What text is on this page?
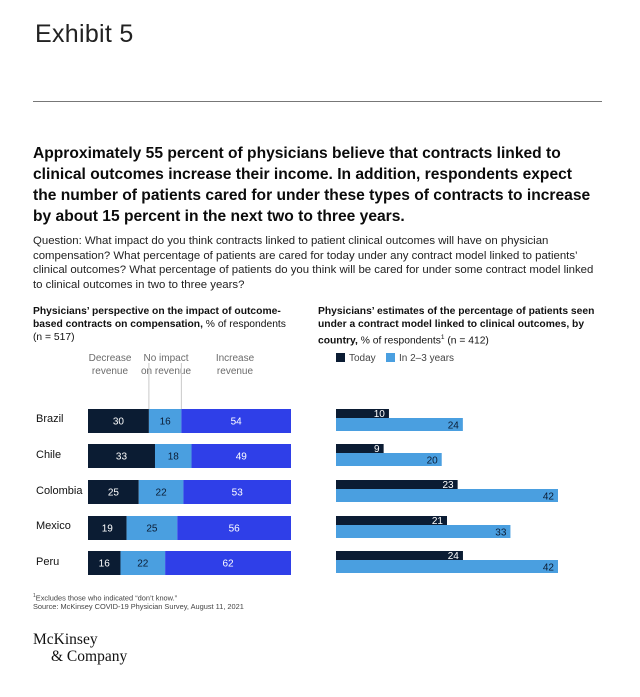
Exhibit 5
Approximately 55 percent of physicians believe that contracts linked to clinical outcomes increase their income. In addition, respondents expect the number of patients cared for under these types of contracts to increase by about 15 percent in the next two to three years.
Question: What impact do you think contracts linked to patient clinical outcomes will have on physician compensation? What percentage of patients are cared for today under any contract model linked to patients’ clinical outcomes? What percentage of patients do you think will be cared for under some contract model linked to clinical outcomes in two to three years?
Physicians’ perspective on the impact of outcome-based contracts on compensation, % of respondents
(n = 517)
Physicians’ estimates of the percentage of patients seen under a contract model linked to clinical outcomes, by country, % of respondents$^1$ (n = 412)
Decrease revenue
No impact on revenue
Increase revenue
Brazil
Chile
Colombia
Mexico
Peru
30	16	54
33	18	49
25	22	53
19	25	56
16	22	62
10
24
9
20
23
42
21
33
24
42
Today	In 2–3 years
$^1$Excludes those who indicated “don’t know.”
Source: McKinsey COVID-19 Physician Survey, August 11, 2021
McKinsey
& Company
